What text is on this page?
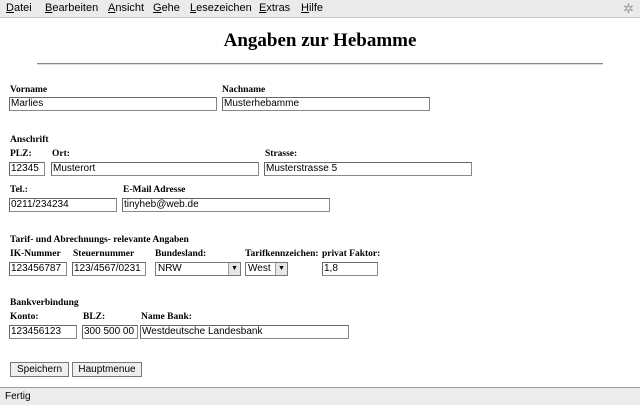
Datei Bearbeiten Ansicht Gehe Lesezeichen Extras Hilfe	✲
Angaben zur Hebamme
Vorname
Marlies
Nachname
Musterhebamme
Anschrift
PLZ:
12345
Ort:
Musterort
Strasse:
Musterstrasse 5
Tel.:
0211/234234
E-Mail Adresse
tinyheb@web.de
Tarif- und Abrechnungs- relevante Angaben
IK-Nummer
123456787
Steuernummer
123/4567/0231
Bundesland:
NRW	▼
Tarifkennzeichen:
West	▼
privat Faktor:
1,8
Bankverbindung
Konto:
123456123
BLZ:
300 500 00
Name Bank:
Westdeutsche Landesbank
Speichern	Hauptmenue
Fertig
